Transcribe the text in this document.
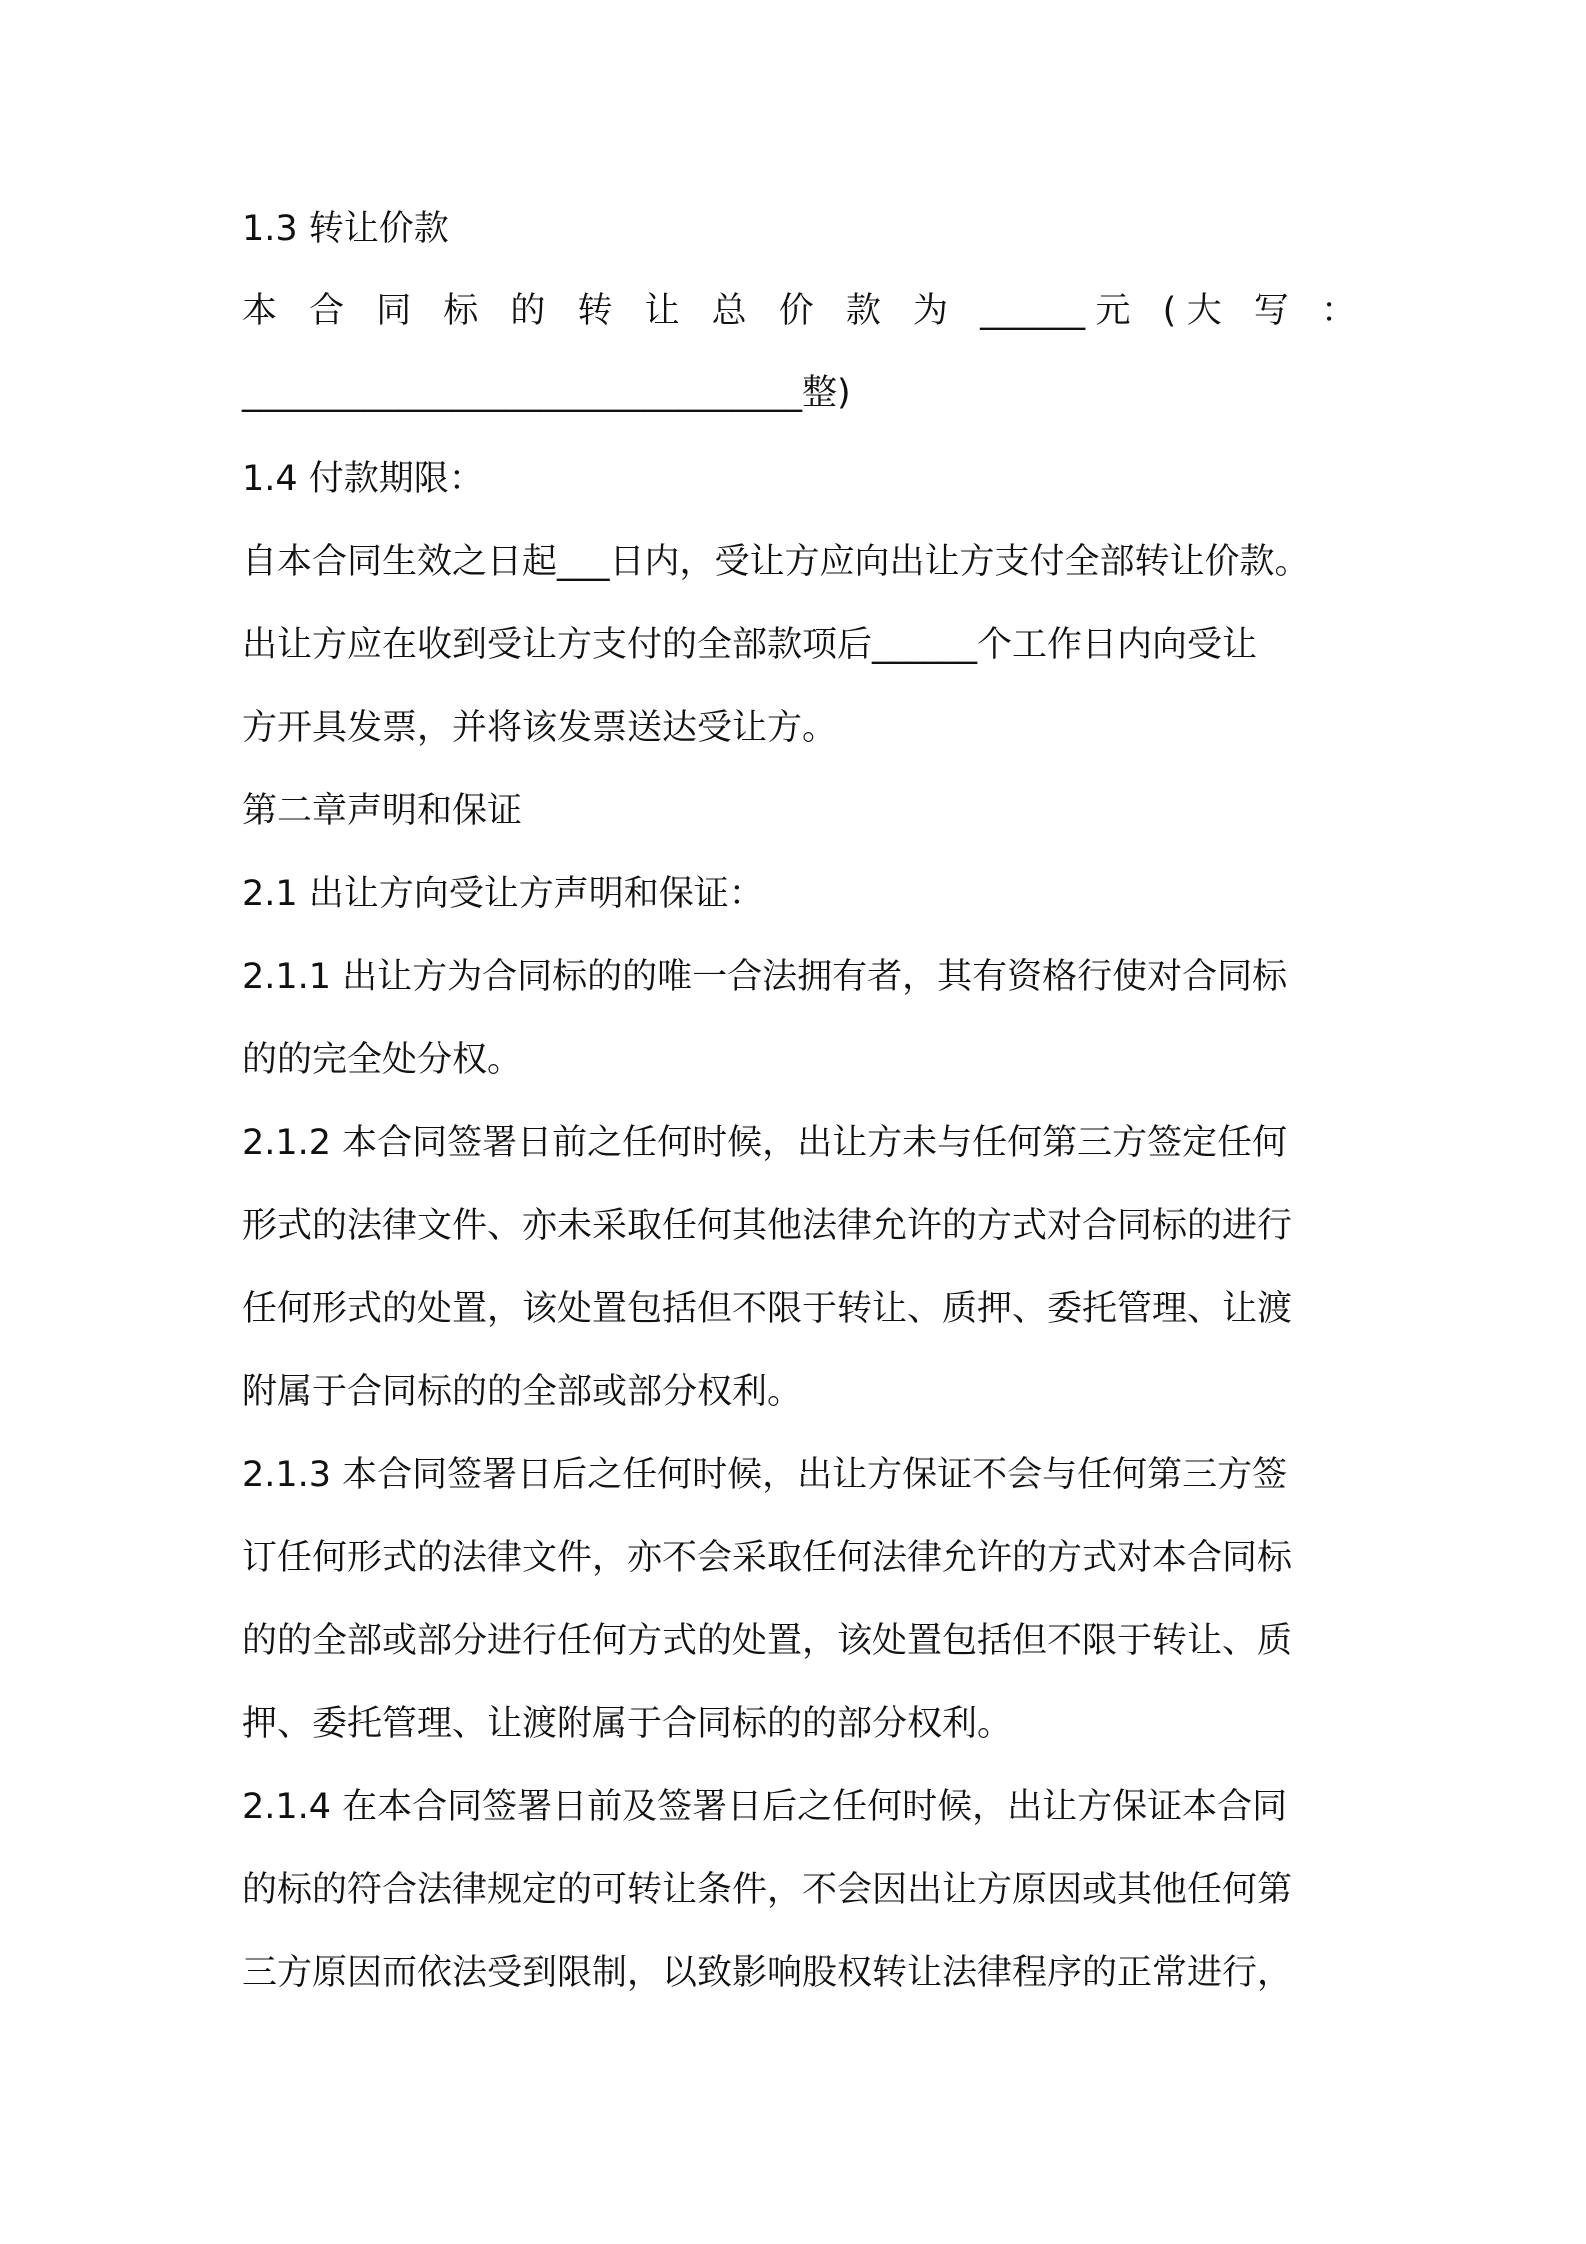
1.3 转让价款
本 合 同 标 的 转 让 总 价 款 为 ______元 (大 写 ：
________________________________整)
1.4 付款期限：
自本合同生效之日起___日内，受让方应向出让方支付全部转让价款。
出让方应在收到受让方支付的全部款项后______个工作日内向受让
方开具发票，并将该发票送达受让方。
第二章声明和保证
2.1 出让方向受让方声明和保证：
2.1.1 出让方为合同标的的唯一合法拥有者，其有资格行使对合同标
的的完全处分权。
2.1.2 本合同签署日前之任何时候，出让方未与任何第三方签定任何
形式的法律文件、亦未采取任何其他法律允许的方式对合同标的进行
任何形式的处置，该处置包括但不限于转让、质押、委托管理、让渡
附属于合同标的的全部或部分权利。
2.1.3 本合同签署日后之任何时候，出让方保证不会与任何第三方签
订任何形式的法律文件，亦不会采取任何法律允许的方式对本合同标
的的全部或部分进行任何方式的处置，该处置包括但不限于转让、质
押、委托管理、让渡附属于合同标的的部分权利。
2.1.4 在本合同签署日前及签署日后之任何时候，出让方保证本合同
的标的符合法律规定的可转让条件，不会因出让方原因或其他任何第
三方原因而依法受到限制，以致影响股权转让法律程序的正常进行，
